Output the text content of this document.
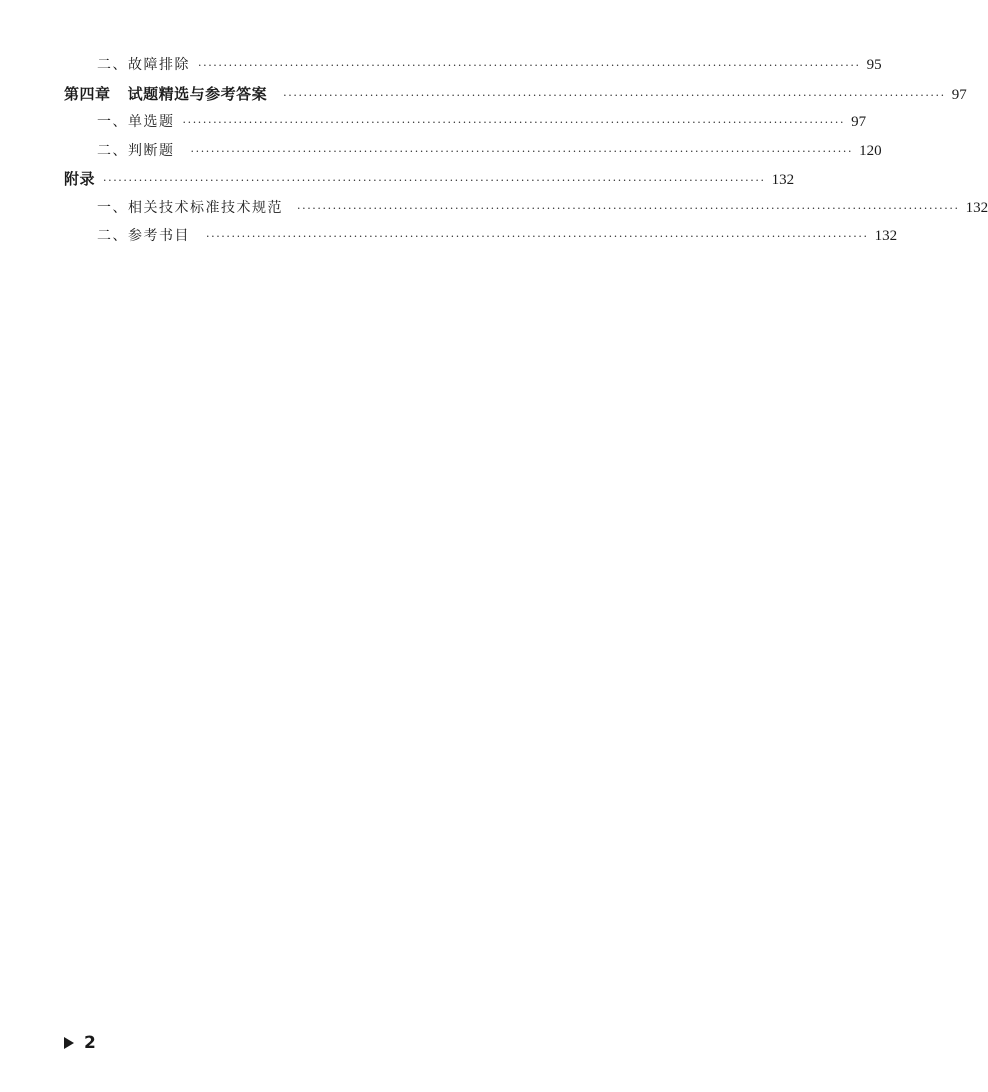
二、故障排除 ·································································································································· 95
第四章   试题精选与参考答案 ·································································································································· 97
一、单选题 ·································································································································· 97
二、判断题 ·································································································································· 120
附录 ·································································································································· 132
一、相关技术标准技术规范 ·································································································································· 132
二、参考书目 ·································································································································· 132
2
